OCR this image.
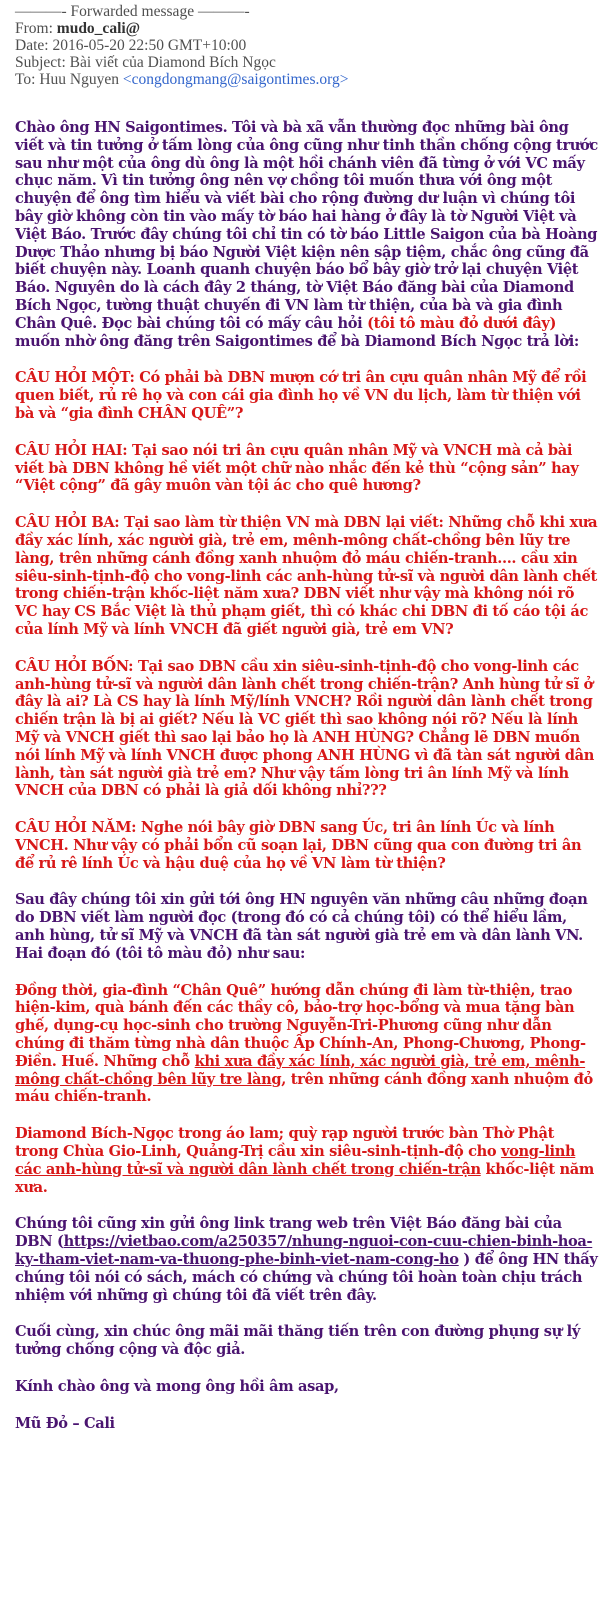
———- Forwarded message ———-
From: mudo_cali@
Date: 2016-05-20 22:50 GMT+10:00
Subject: Bài viết của Diamond Bích Ngọc
To: Huu Nguyen <congdongmang@saigontimes.org>

Chào ông HN Saigontimes. Tôi và bà xã vẫn thường đọc những bài ông viết và tin tưởng ở tấm lòng của ông cũng như tinh thần chống cộng trước sau như một của ông dù ông là một hồi chánh viên đã từng ở với VC mấy chục năm. Vì tin tưởng ông nên vợ chồng tôi muốn thưa với ông một chuyện để ông tìm hiểu và viết bài cho rộng đường dư luận vì chúng tôi bây giờ không còn tin vào mấy tờ báo hai hàng ở đây là tờ Người Việt và Việt Báo. Trước đây chúng tôi chỉ tin có tờ báo Little Saigon của bà Hoàng Dược Thảo nhưng bị báo Người Việt kiện nên sập tiệm, chắc ông cũng đã biết chuyện này. Loanh quanh chuyện báo bổ bây giờ trở lại chuyện Việt Báo. Nguyên do là cách đây 2 tháng, tờ Việt Báo đăng bài của Diamond Bích Ngọc, tường thuật chuyến đi VN làm từ thiện, của bà và gia đình Chân Quê. Đọc bài chúng tôi có mấy câu hỏi (tôi tô màu đỏ dưới đây) muốn nhờ ông đăng trên Saigontimes để bà Diamond Bích Ngọc trả lời:

CÂU HỎI MỘT: Có phải bà DBN mượn cớ tri ân cựu quân nhân Mỹ để rồi quen biết, rủ rê họ và con cái gia đình họ về VN du lịch, làm từ thiện với bà và “gia đình CHÂN QUÊ”?

CÂU HỎI HAI: Tại sao nói tri ân cựu quân nhân Mỹ và VNCH mà cả bài viết bà DBN không hề viết một chữ nào nhắc đến kẻ thù “cộng sản” hay “Việt cộng” đã gây muôn vàn tội ác cho quê hương?

CÂU HỎI BA: Tại sao làm từ thiện VN mà DBN lại viết: Những chỗ khi xưa đầy xác lính, xác người già, trẻ em, mênh-mông chất-chồng bên lũy tre làng, trên những cánh đồng xanh nhuộm đỏ máu chiến-tranh.... cầu xin siêu-sinh-tịnh-độ cho vong-linh các anh-hùng tử-sĩ và người dân lành chết trong chiến-trận khốc-liệt năm xưa? DBN viết như vậy mà không nói rõ VC hay CS Bắc Việt là thủ phạm giết, thì có khác chi DBN đi tố cáo tội ác của lính Mỹ và lính VNCH đã giết người già, trẻ em VN?

CÂU HỎI BỐN: Tại sao DBN cầu xin siêu-sinh-tịnh-độ cho vong-linh các anh-hùng tử-sĩ và người dân lành chết trong chiến-trận? Anh hùng tử sĩ ở đây là ai? Là CS hay là lính Mỹ/lính VNCH? Rồi người dân lành chết trong chiến trận là bị ai giết? Nếu là VC giết thì sao không nói rõ? Nếu là lính Mỹ và VNCH giết thì sao lại bảo họ là ANH HÙNG? Chẳng lẽ DBN muốn nói lính Mỹ và lính VNCH được phong ANH HÙNG vì đã tàn sát người dân lành, tàn sát người già trẻ em? Như vậy tấm lòng tri ân lính Mỹ và lính VNCH của DBN có phải là giả dối không nhỉ???

CÂU HỎI NĂM: Nghe nói bây giờ DBN sang Úc, tri ân lính Úc và lính VNCH. Như vậy có phải bổn cũ soạn lại, DBN cũng qua con đường tri ân để rủ rê lính Úc và hậu duệ của họ về VN làm từ thiện?

Sau đây chúng tôi xin gửi tới ông HN nguyên văn những câu những đoạn do DBN viết làm người đọc (trong đó có cả chúng tôi) có thể hiểu lầm, anh hùng, tử sĩ Mỹ và VNCH đã tàn sát người già trẻ em và dân lành VN. Hai đoạn đó (tôi tô màu đỏ) như sau:

Đồng thời, gia-đình “Chân Quê” hướng dẫn chúng đi làm từ-thiện, trao hiện-kim, quà bánh đến các thầy cô, bảo-trợ học-bổng và mua tặng bàn ghế, dụng-cụ học-sinh cho trường Nguyễn-Tri-Phương cũng như dẫn chúng đi thăm từng nhà dân thuộc Ấp Chính-An, Phong-Chương, Phong-Điền. Huế. Những chỗ khi xưa đầy xác lính, xác người già, trẻ em, mênh-mông chất-chồng bên lũy tre làng, trên những cánh đồng xanh nhuộm đỏ máu chiến-tranh.

Diamond Bích-Ngọc trong áo lam; quỳ rạp người trước bàn Thờ Phật trong Chùa Gio-Linh, Quảng-Trị cầu xin siêu-sinh-tịnh-độ cho vong-linh các anh-hùng tử-sĩ và người dân lành chết trong chiến-trận khốc-liệt năm xưa.

Chúng tôi cũng xin gửi ông link trang web trên Việt Báo đăng bài của DBN (https://vietbao.com/a250357/nhung-nguoi-con-cuu-chien-binh-hoa-ky-tham-viet-nam-va-thuong-phe-binh-viet-nam-cong-ho ) để ông HN thấy chúng tôi nói có sách, mách có chứng và chúng tôi hoàn toàn chịu trách nhiệm với những gì chúng tôi đã viết trên đây.

Cuối cùng, xin chúc ông mãi mãi thăng tiến trên con đường phụng sự lý tưởng chống cộng và độc giả.

Kính chào ông và mong ông hồi âm asap,

Mũ Đỏ – Cali
